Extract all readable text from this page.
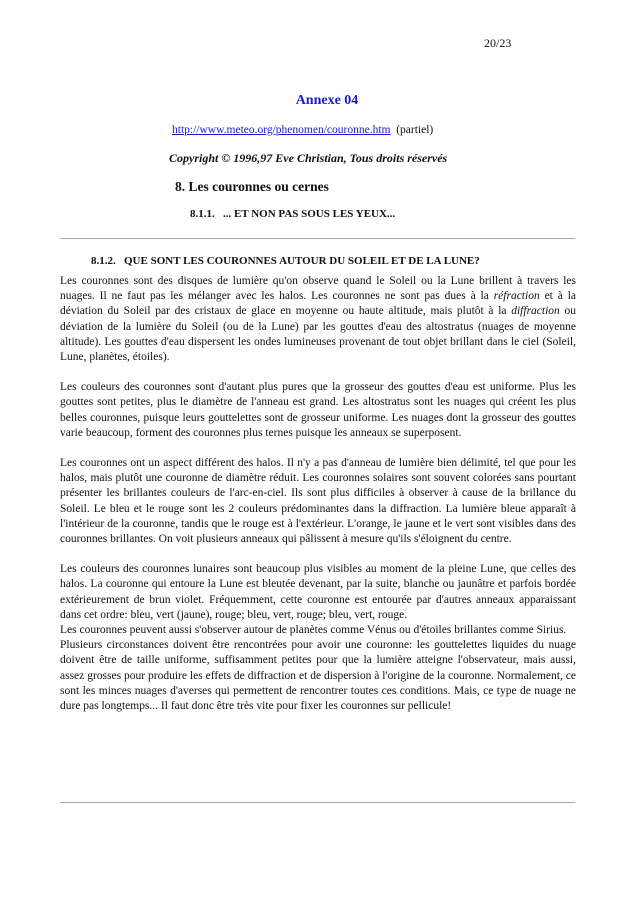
20/23
Annexe 04
http://www.meteo.org/phenomen/couronne.htm (partiel)
Copyright © 1996,97 Eve Christian, Tous droits réservés
8. Les couronnes ou cernes
8.1.1.   ... ET NON PAS SOUS LES YEUX...
8.1.2.   QUE SONT LES COURONNES AUTOUR DU SOLEIL ET DE LA LUNE?

Les couronnes sont des disques de lumière qu'on observe quand le Soleil ou la Lune brillent à travers les nuages. Il ne faut pas les mélanger avec les halos. Les couronnes ne sont pas dues à la réfraction et à la déviation du Soleil par des cristaux de glace en moyenne ou haute altitude, mais plutôt à la diffraction ou déviation de la lumière du Soleil (ou de la Lune) par les gouttes d'eau des altostratus (nuages de moyenne altitude). Les gouttes d'eau dispersent les ondes lumineuses provenant de tout objet brillant dans le ciel (Soleil, Lune, planètes, étoiles).

Les couleurs des couronnes sont d'autant plus pures que la grosseur des gouttes d'eau est uniforme. Plus les gouttes sont petites, plus le diamètre de l'anneau est grand. Les altostratus sont les nuages qui créent les plus belles couronnes, puisque leurs gouttelettes sont de grosseur uniforme. Les nuages dont la grosseur des gouttes varie beaucoup, forment des couronnes plus ternes puisque les anneaux se superposent.

Les couronnes ont un aspect différent des halos. Il n'y a pas d'anneau de lumière bien délimité, tel que pour les halos, mais plutôt une couronne de diamètre réduit. Les couronnes solaires sont souvent colorées sans pourtant présenter les brillantes couleurs de l'arc-en-ciel. Ils sont plus difficiles à observer à cause de la brillance du Soleil. Le bleu et le rouge sont les 2 couleurs prédominantes dans la diffraction. La lumière bleue apparaît à l'intérieur de la couronne, tandis que le rouge est à l'extérieur. L'orange, le jaune et le vert sont visibles dans des couronnes brillantes. On voit plusieurs anneaux qui pâlissent à mesure qu'ils s'éloignent du centre.

Les couleurs des couronnes lunaires sont beaucoup plus visibles au moment de la pleine Lune, que celles des halos. La couronne qui entoure la Lune est bleutée devenant, par la suite, blanche ou jaunâtre et parfois bordée extérieurement de brun violet. Fréquemment, cette couronne est entourée par d'autres anneaux apparaissant dans cet ordre: bleu, vert (jaune), rouge; bleu, vert, rouge; bleu, vert, rouge.

Les couronnes peuvent aussi s'observer autour de planètes comme Vénus ou d'étoiles brillantes comme Sirius.

Plusieurs circonstances doivent être rencontrées pour avoir une couronne: les gouttelettes liquides du nuage doivent être de taille uniforme, suffisamment petites pour que la lumière atteigne l'observateur, mais aussi, assez grosses pour produire les effets de diffraction et de dispersion à l'origine de la couronne. Normalement, ce sont les minces nuages d'averses qui permettent de rencontrer toutes ces conditions. Mais, ce type de nuage ne dure pas longtemps... Il faut donc être très vite pour fixer les couronnes sur pellicule!
